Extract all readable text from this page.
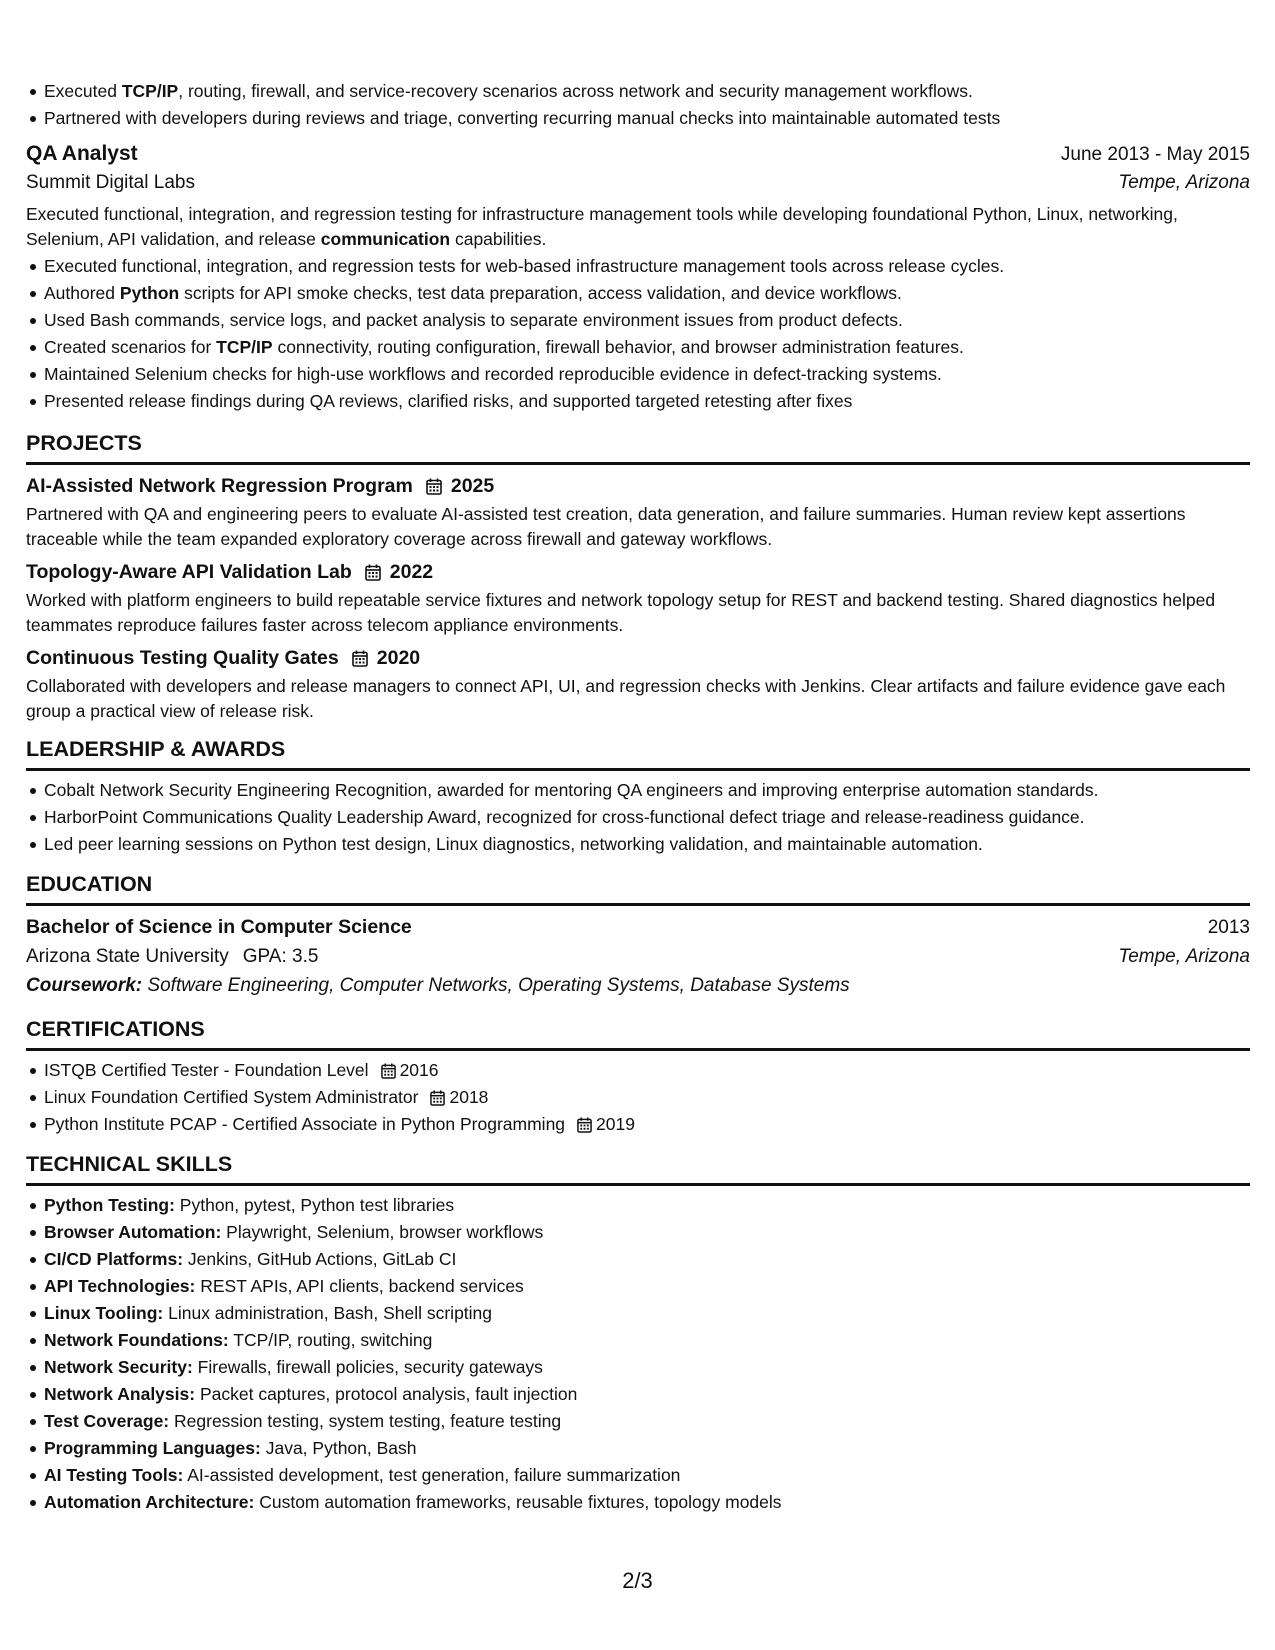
Executed TCP/IP, routing, firewall, and service-recovery scenarios across network and security management workflows.
Partnered with developers during reviews and triage, converting recurring manual checks into maintainable automated tests
QA Analyst	June 2013 - May 2015
Summit Digital Labs	Tempe, Arizona

Executed functional, integration, and regression testing for infrastructure management tools while developing foundational Python, Linux, networking, Selenium, API validation, and release communication capabilities.

Executed functional, integration, and regression tests for web-based infrastructure management tools across release cycles.
Authored Python scripts for API smoke checks, test data preparation, access validation, and device workflows.
Used Bash commands, service logs, and packet analysis to separate environment issues from product defects.
Created scenarios for TCP/IP connectivity, routing configuration, firewall behavior, and browser administration features.
Maintained Selenium checks for high-use workflows and recorded reproducible evidence in defect-tracking systems.
Presented release findings during QA reviews, clarified risks, and supported targeted retesting after fixes
PROJECTS
AI-Assisted Network Regression Program 2025

Partnered with QA and engineering peers to evaluate AI-assisted test creation, data generation, and failure summaries. Human review kept assertions traceable while the team expanded exploratory coverage across firewall and gateway workflows.

Topology-Aware API Validation Lab 2022

Worked with platform engineers to build repeatable service fixtures and network topology setup for REST and backend testing. Shared diagnostics helped teammates reproduce failures faster across telecom appliance environments.

Continuous Testing Quality Gates 2020

Collaborated with developers and release managers to connect API, UI, and regression checks with Jenkins. Clear artifacts and failure evidence gave each group a practical view of release risk.

LEADERSHIP & AWARDS
Cobalt Network Security Engineering Recognition, awarded for mentoring QA engineers and improving enterprise automation standards.
HarborPoint Communications Quality Leadership Award, recognized for cross-functional defect triage and release-readiness guidance.
Led peer learning sessions on Python test design, Linux diagnostics, networking validation, and maintainable automation.
EDUCATION
Bachelor of Science in Computer Science	2013
Arizona State University GPA: 3.5	Tempe, Arizona

Coursework: Software Engineering, Computer Networks, Operating Systems, Database Systems

CERTIFICATIONS
ISTQB Certified Tester - Foundation Level 2016
Linux Foundation Certified System Administrator 2018
Python Institute PCAP - Certified Associate in Python Programming 2019
TECHNICAL SKILLS
Python Testing: Python, pytest, Python test libraries
Browser Automation: Playwright, Selenium, browser workflows
CI/CD Platforms: Jenkins, GitHub Actions, GitLab CI
API Technologies: REST APIs, API clients, backend services
Linux Tooling: Linux administration, Bash, Shell scripting
Network Foundations: TCP/IP, routing, switching
Network Security: Firewalls, firewall policies, security gateways
Network Analysis: Packet captures, protocol analysis, fault injection
Test Coverage: Regression testing, system testing, feature testing
Programming Languages: Java, Python, Bash
AI Testing Tools: AI-assisted development, test generation, failure summarization
Automation Architecture: Custom automation frameworks, reusable fixtures, topology models
2/3
